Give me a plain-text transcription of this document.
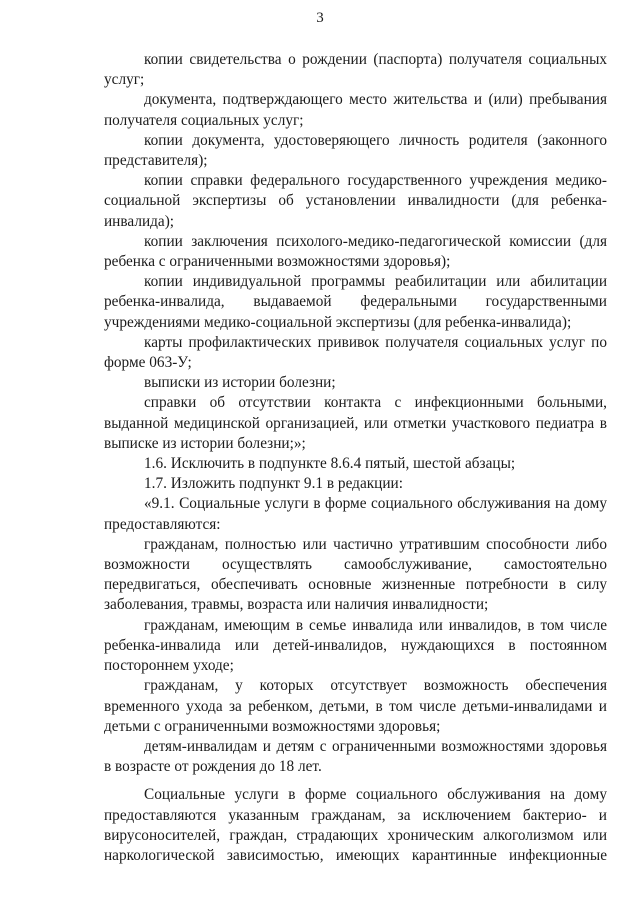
3

копии свидетельства о рождении (паспорта) получателя социальных услуг;

документа, подтверждающего место жительства и (или) пребывания получателя социальных услуг;

копии документа, удостоверяющего личность родителя (законного представителя);

копии справки федерального государственного учреждения медико-социальной экспертизы об установлении инвалидности (для ребенка-инвалида);

копии заключения психолого-медико-педагогической комиссии (для ребенка с ограниченными возможностями здоровья);

копии индивидуальной программы реабилитации или абилитации ребенка-инвалида, выдаваемой федеральными государственными учреждениями медико-социальной экспертизы (для ребенка-инвалида);

карты профилактических прививок получателя социальных услуг по форме 063-У;

выписки из истории болезни;

справки об отсутствии контакта с инфекционными больными, выданной медицинской организацией, или отметки участкового педиатра в выписке из истории болезни;»;

1.6. Исключить в подпункте 8.6.4 пятый, шестой абзацы;

1.7. Изложить подпункт 9.1 в редакции:

«9.1. Социальные услуги в форме социального обслуживания на дому предоставляются:

гражданам, полностью или частично утратившим способности либо возможности осуществлять самообслуживание, самостоятельно передвигаться, обеспечивать основные жизненные потребности в силу заболевания, травмы, возраста или наличия инвалидности;

гражданам, имеющим в семье инвалида или инвалидов, в том числе ребенка-инвалида или детей-инвалидов, нуждающихся в постоянном постороннем уходе;

гражданам, у которых отсутствует возможность обеспечения временного ухода за ребенком, детьми, в том числе детьми-инвалидами и детьми с ограниченными возможностями здоровья;

детям-инвалидам и детям с ограниченными возможностями здоровья в возрасте от рождения до 18 лет.

Социальные услуги в форме социального обслуживания на дому предоставляются указанным гражданам, за исключением бактерио- и вирусоносителей, граждан, страдающих хроническим алкоголизмом или наркологической зависимостью, имеющих карантинные инфекционные
